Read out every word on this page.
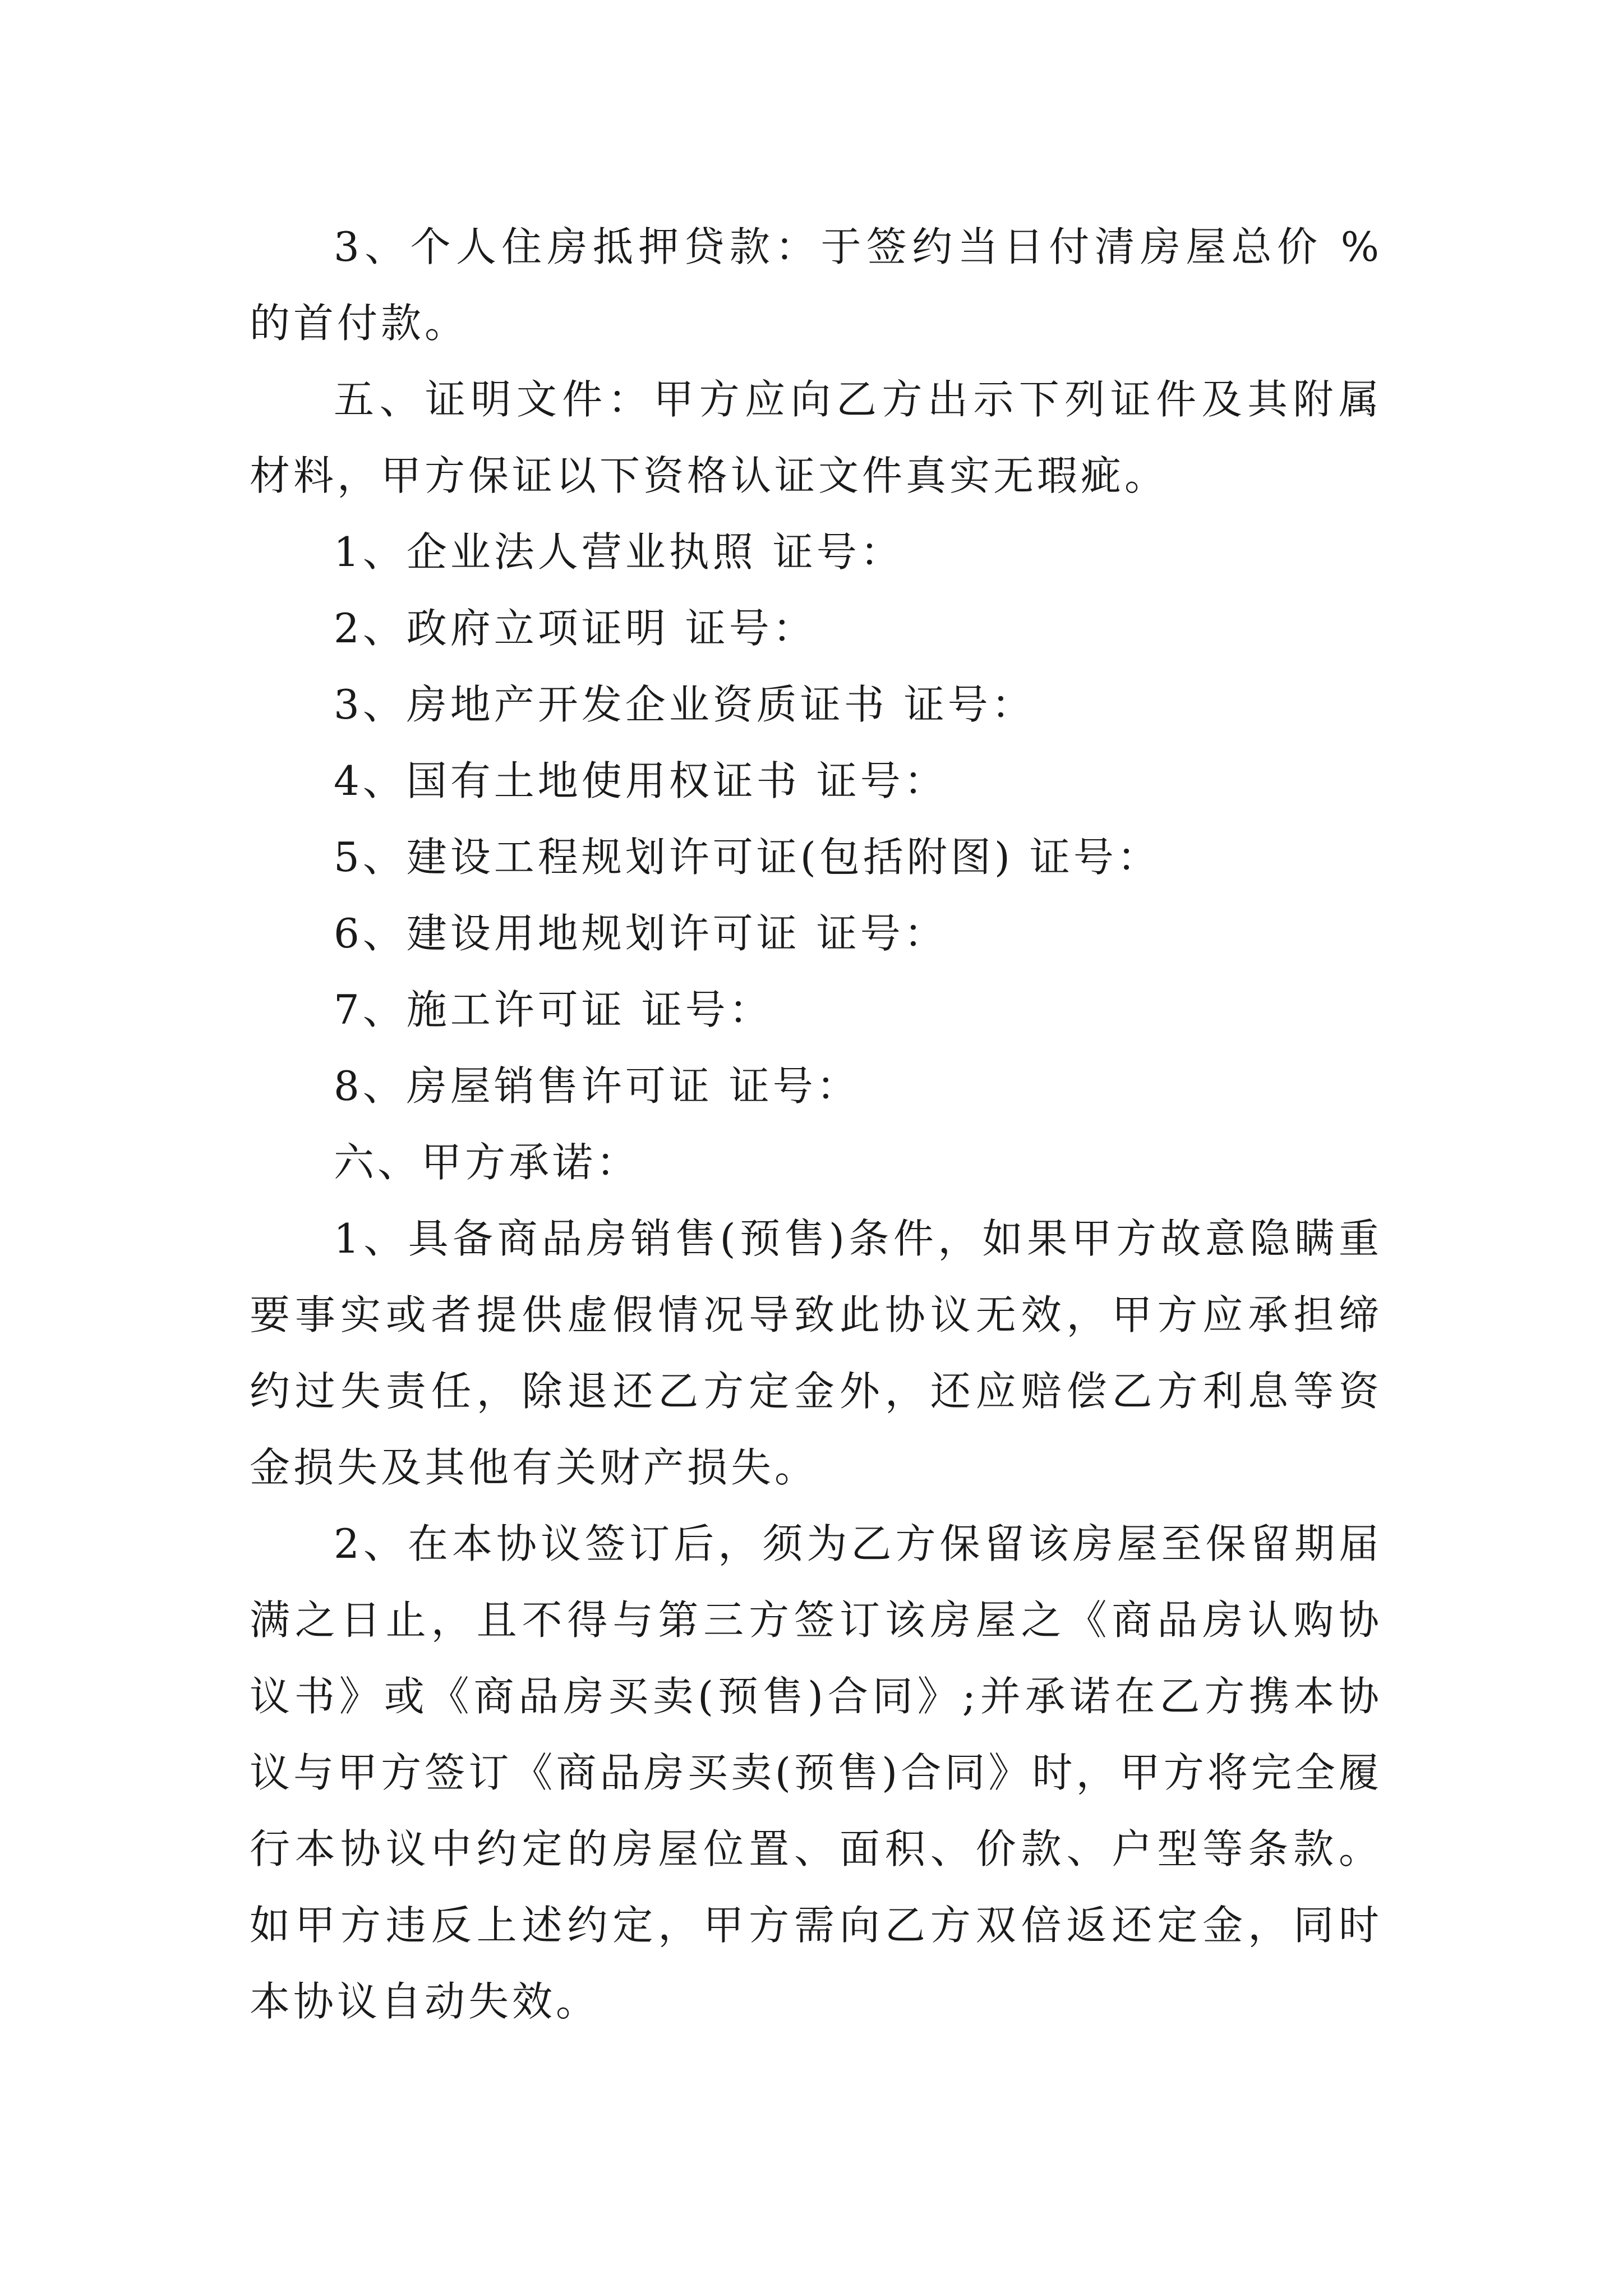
3、个人住房抵押贷款：于签约当日付清房屋总价 %的首付款。

五、证明文件：甲方应向乙方出示下列证件及其附属材料，甲方保证以下资格认证文件真实无瑕疵。

1、企业法人营业执照 证号：

2、政府立项证明 证号：

3、房地产开发企业资质证书 证号：

4、国有土地使用权证书 证号：

5、建设工程规划许可证(包括附图) 证号：

6、建设用地规划许可证 证号：

7、施工许可证 证号：

8、房屋销售许可证 证号：

六、甲方承诺：

1、具备商品房销售(预售)条件，如果甲方故意隐瞒重要事实或者提供虚假情况导致此协议无效，甲方应承担缔约过失责任，除退还乙方定金外，还应赔偿乙方利息等资金损失及其他有关财产损失。

2、在本协议签订后，须为乙方保留该房屋至保留期届满之日止，且不得与第三方签订该房屋之《商品房认购协议书》或《商品房买卖(预售)合同》;并承诺在乙方携本协议与甲方签订《商品房买卖(预售)合同》时，甲方将完全履行本协议中约定的房屋位置、面积、价款、户型等条款。如甲方违反上述约定，甲方需向乙方双倍返还定金，同时本协议自动失效。
